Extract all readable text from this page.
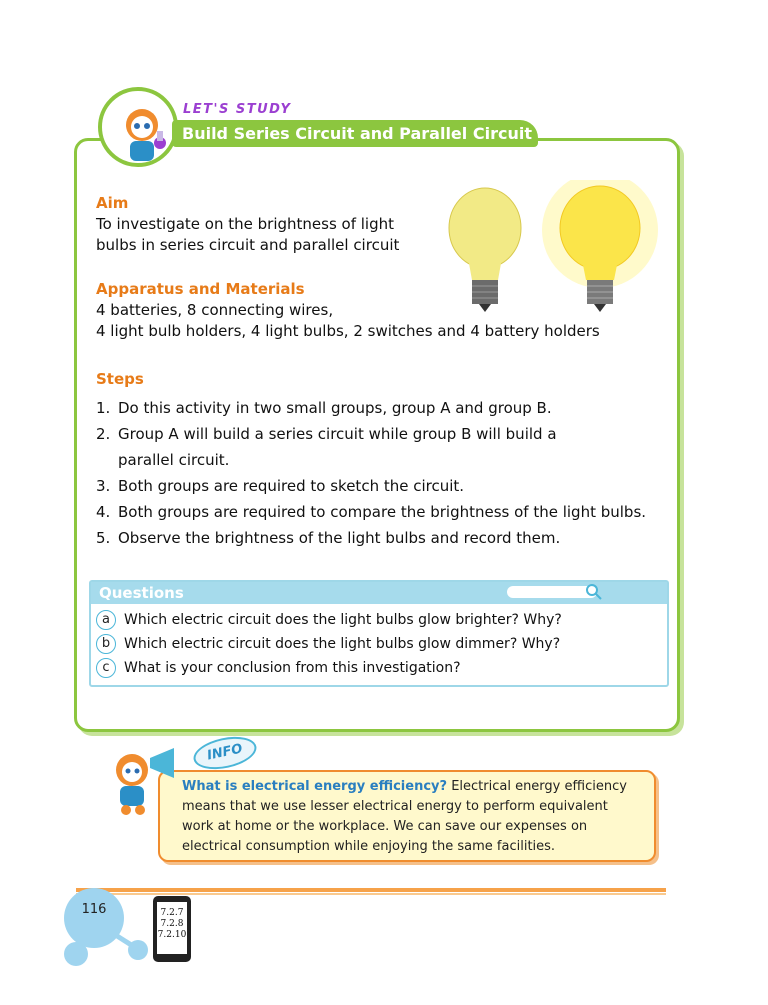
LET'S STUDY
Build Series Circuit and Parallel Circuit
Aim
To investigate on the brightness of light bulbs in series circuit and parallel circuit
Apparatus and Materials
4 batteries, 8 connecting wires,
4 light bulb holders, 4 light bulbs, 2 switches and 4 battery holders
Steps
1. Do this activity in two small groups, group A and group B.
2. Group A will build a series circuit while group B will build a parallel circuit.
3. Both groups are required to sketch the circuit.
4. Both groups are required to compare the brightness of the light bulbs.
5. Observe the brightness of the light bulbs and record them.
Questions
a	Which electric circuit does the light bulbs glow brighter? Why?
b Which electric circuit does the light bulbs glow dimmer? Why?
c	What is your conclusion from this investigation?
INFO
What is electrical energy efficiency? Electrical energy efficiency means that we use lesser electrical energy to perform equivalent work at home or the workplace. We can save our expenses on electrical consumption while enjoying the same facilities.
116	7.2.7
7.2.8
7.2.10
